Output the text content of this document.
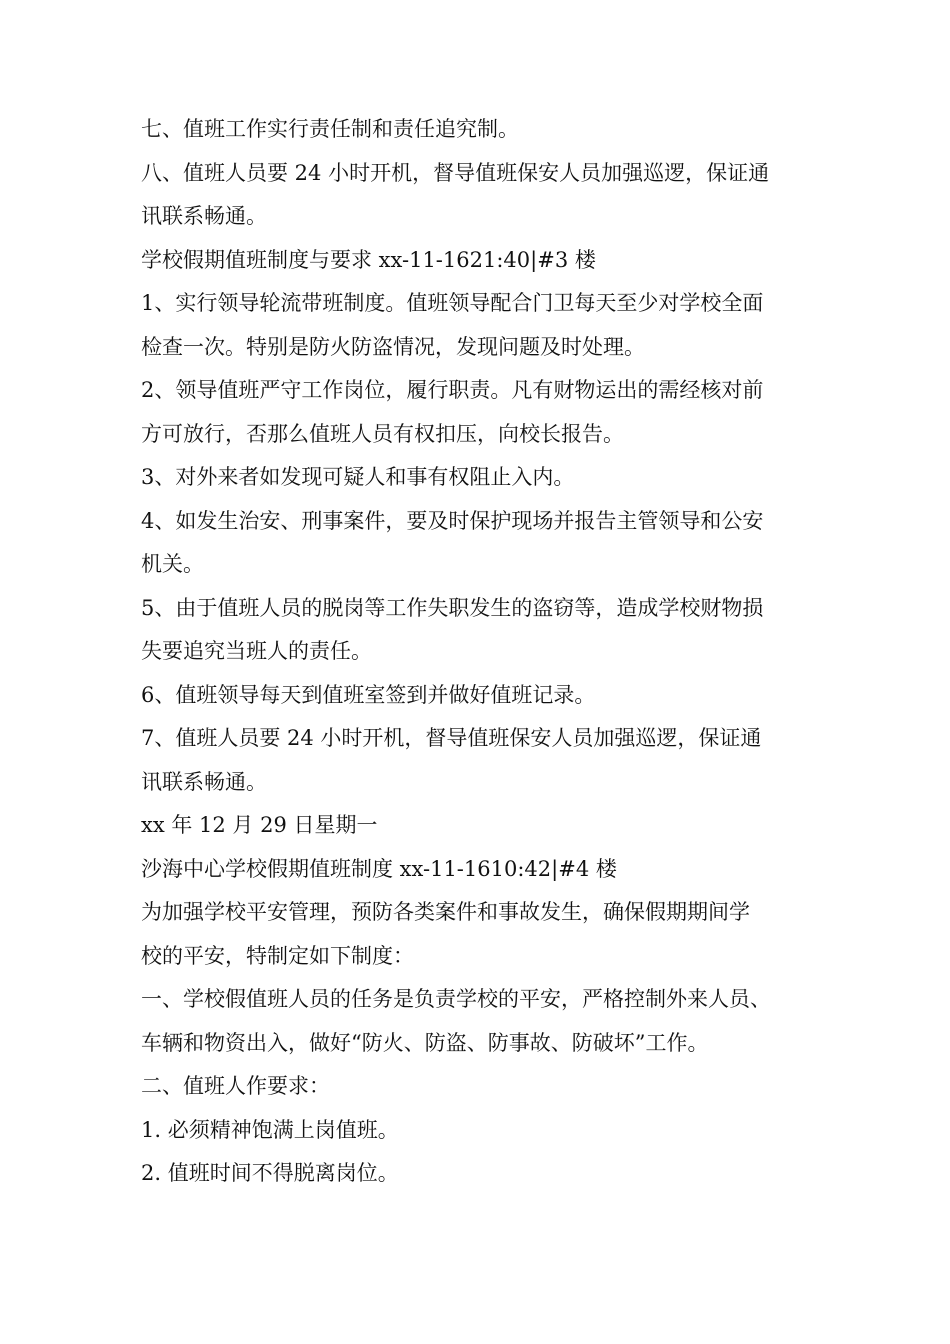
七、值班工作实行责任制和责任追究制。
八、值班人员要 24 小时开机，督导值班保安人员加强巡逻，保证通
讯联系畅通。
学校假期值班制度与要求 xx-11-1621:40|#3 楼
1、实行领导轮流带班制度。值班领导配合门卫每天至少对学校全面
检查一次。特别是防火防盗情况，发现问题及时处理。
2、领导值班严守工作岗位，履行职责。凡有财物运出的需经核对前
方可放行，否那么值班人员有权扣压，向校长报告。
3、对外来者如发现可疑人和事有权阻止入内。
4、如发生治安、刑事案件，要及时保护现场并报告主管领导和公安
机关。
5、由于值班人员的脱岗等工作失职发生的盗窃等，造成学校财物损
失要追究当班人的责任。
6、值班领导每天到值班室签到并做好值班记录。
7、值班人员要 24 小时开机，督导值班保安人员加强巡逻，保证通
讯联系畅通。
xx 年 12 月 29 日星期一
沙海中心学校假期值班制度 xx-11-1610:42|#4 楼
为加强学校平安管理，预防各类案件和事故发生，确保假期期间学
校的平安，特制定如下制度：
一、学校假值班人员的任务是负责学校的平安，严格控制外来人员、
车辆和物资出入，做好“防火、防盗、防事故、防破坏”工作。
二、值班人作要求：
1. 必须精神饱满上岗值班。
2. 值班时间不得脱离岗位。
